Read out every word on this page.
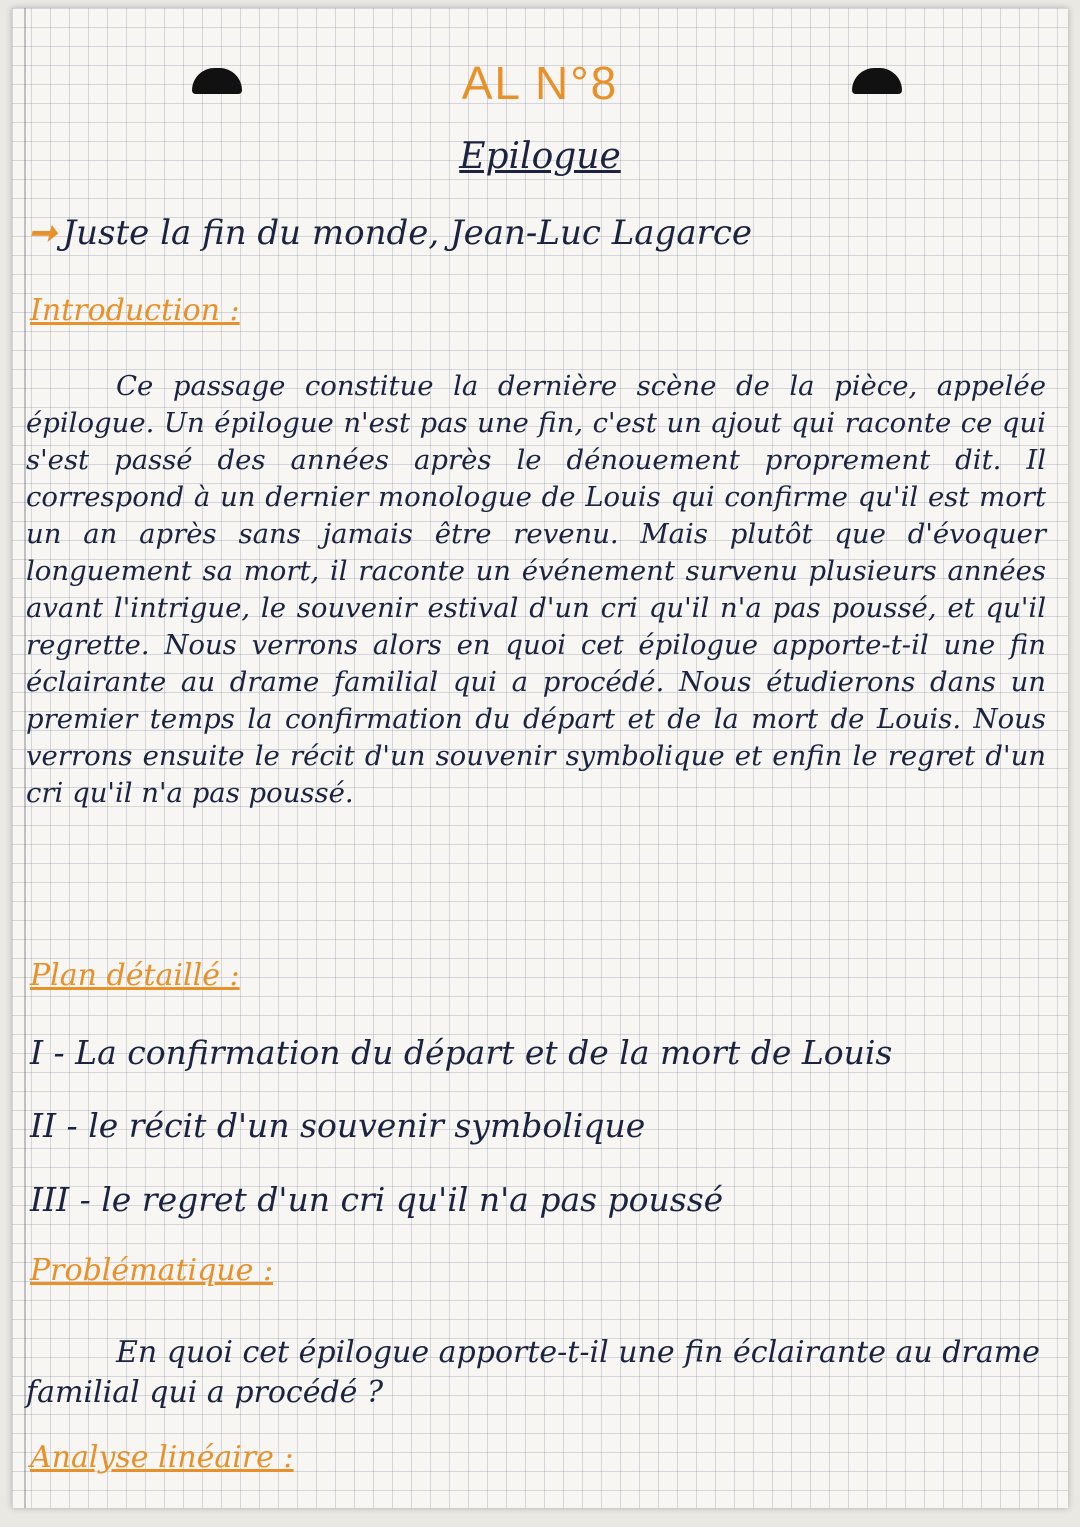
AL N°8
Epilogue
➞ Juste la fin du monde, Jean-Luc Lagarce
Introduction :
Ce passage constitue la dernière scène de la pièce, appelée épilogue. Un épilogue n'est pas une fin, c'est un ajout qui raconte ce qui s'est passé des années après le dénouement proprement dit. Il correspond à un dernier monologue de Louis qui confirme qu'il est mort un an après sans jamais être revenu. Mais plutôt que d'évoquer longuement sa mort, il raconte un événement survenu plusieurs années avant l'intrigue, le souvenir estival d'un cri qu'il n'a pas poussé, et qu'il regrette. Nous verrons alors en quoi cet épilogue apporte-t-il une fin éclairante au drame familial qui a procédé. Nous étudierons dans un premier temps la confirmation du départ et de la mort de Louis. Nous verrons ensuite le récit d'un souvenir symbolique et enfin le regret d'un cri qu'il n'a pas poussé.
Plan détaillé :
I - La confirmation du départ et de la mort de Louis
II - le récit d'un souvenir symbolique
III - le regret d'un cri qu'il n'a pas poussé
Problématique :
En quoi cet épilogue apporte-t-il une fin éclairante au drame familial qui a procédé ?
Analyse linéaire :
